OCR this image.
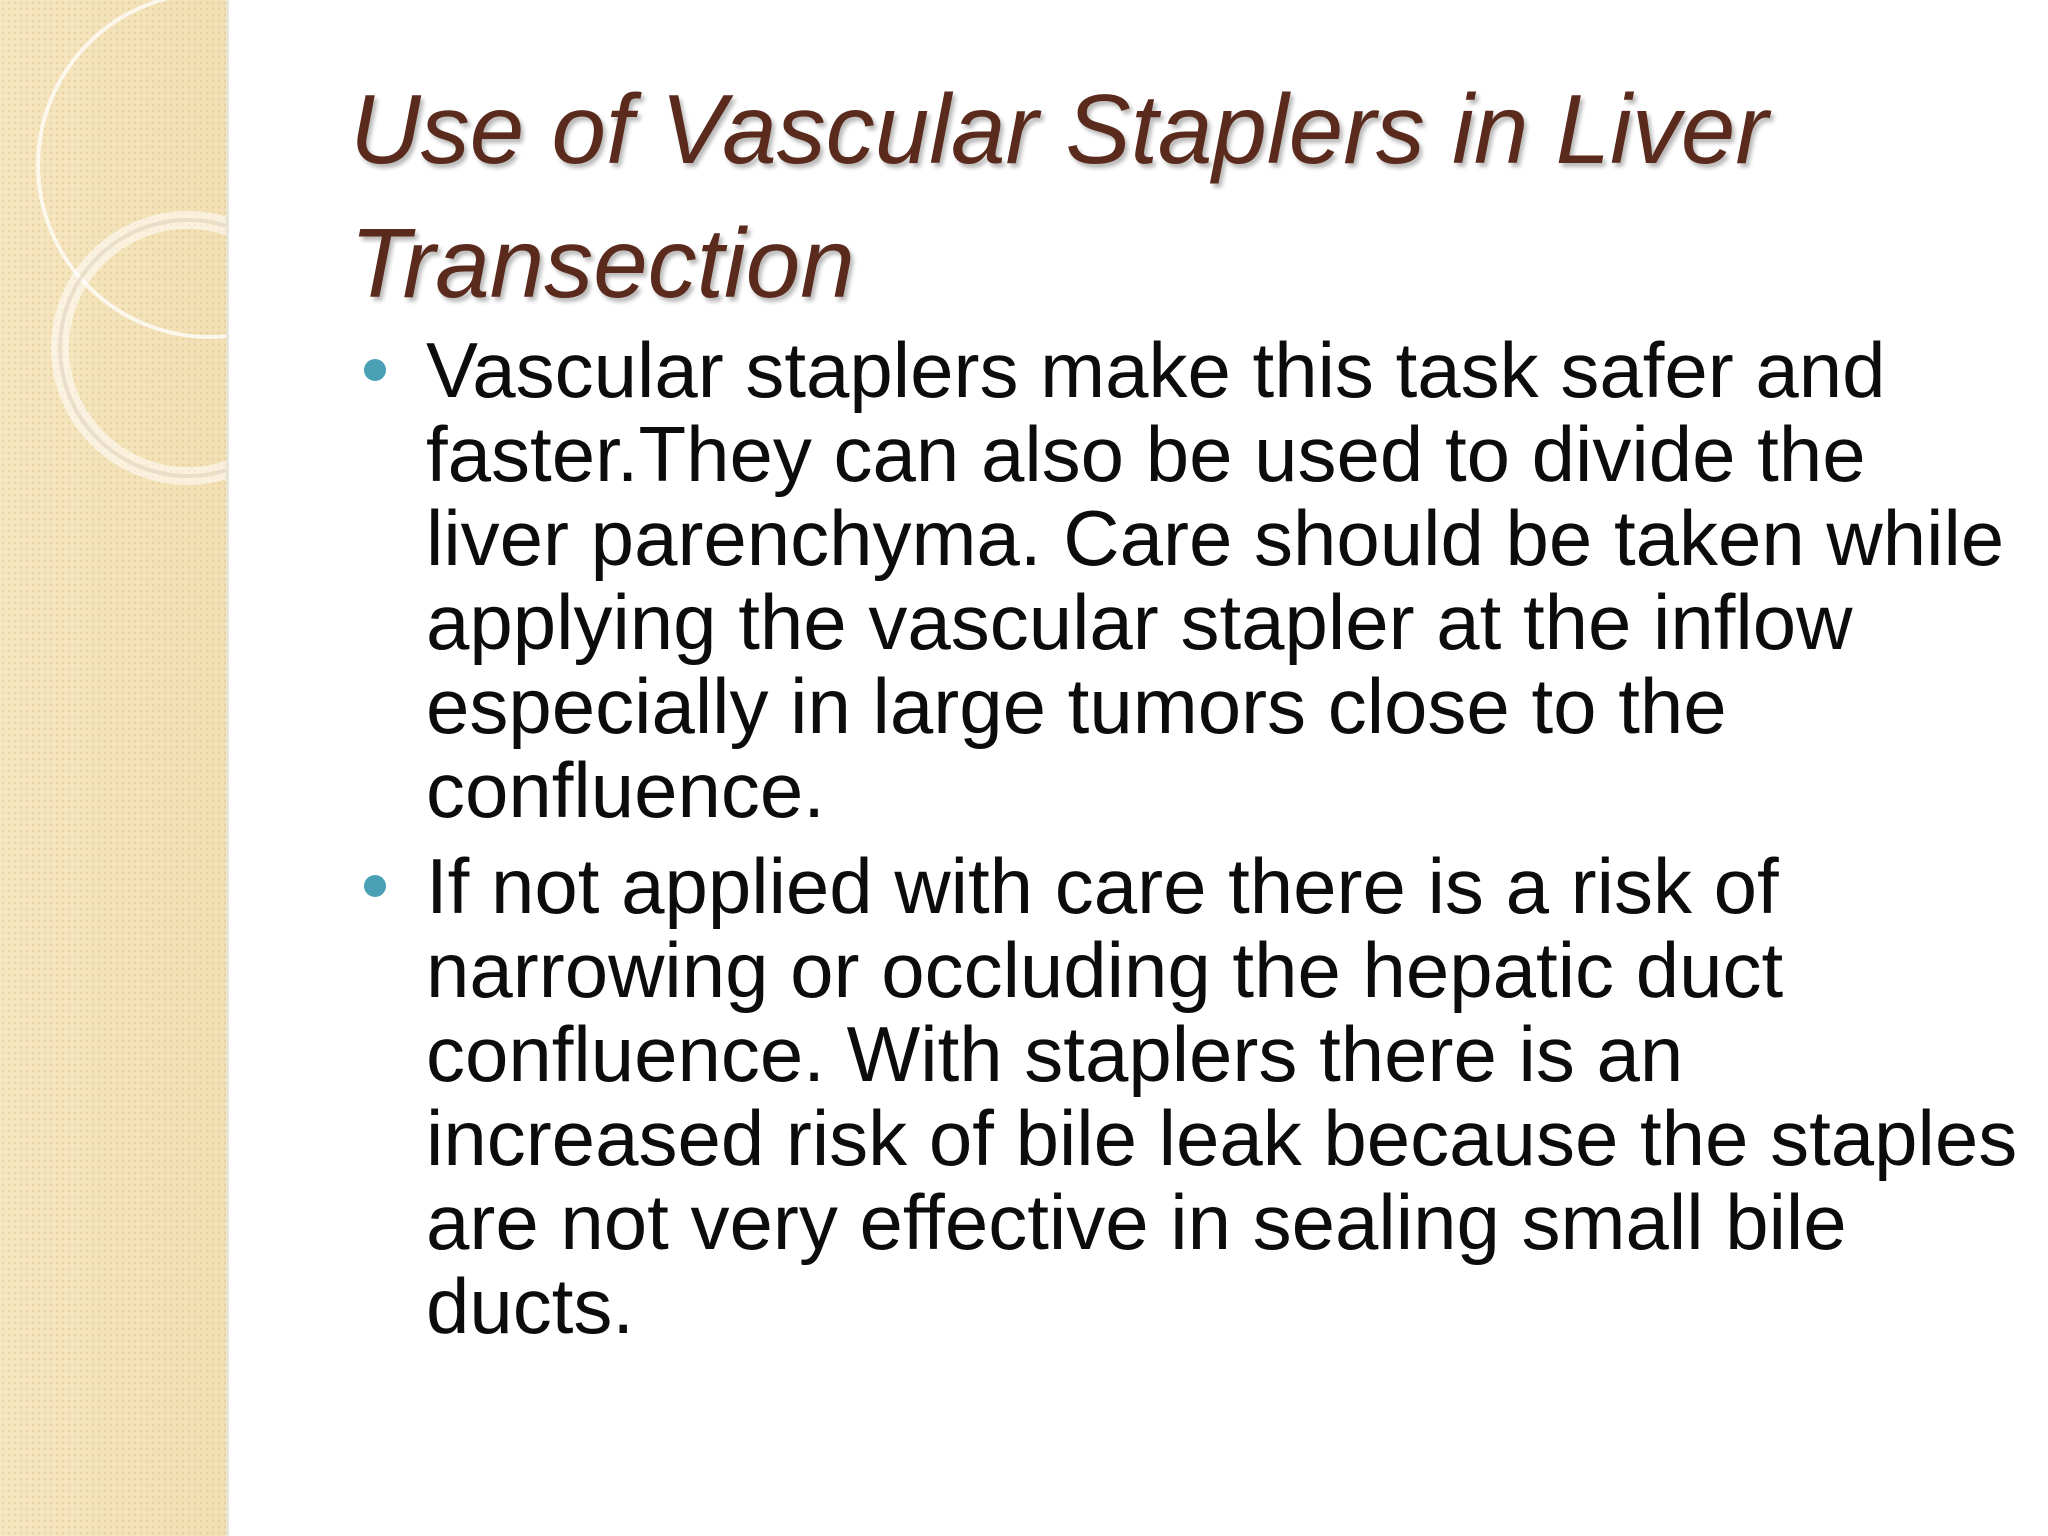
Use of Vascular Staplers in Liver Transection
Vascular staplers make this task safer and faster.They can also be used to divide the liver parenchyma. Care should be taken while applying the vascular stapler at the inflow especially in large tumors close to the confluence.
If not applied with care there is a risk of narrowing or occluding the hepatic duct confluence. With staplers there is an increased risk of bile leak because the staples are not very effective in sealing small bile ducts.
